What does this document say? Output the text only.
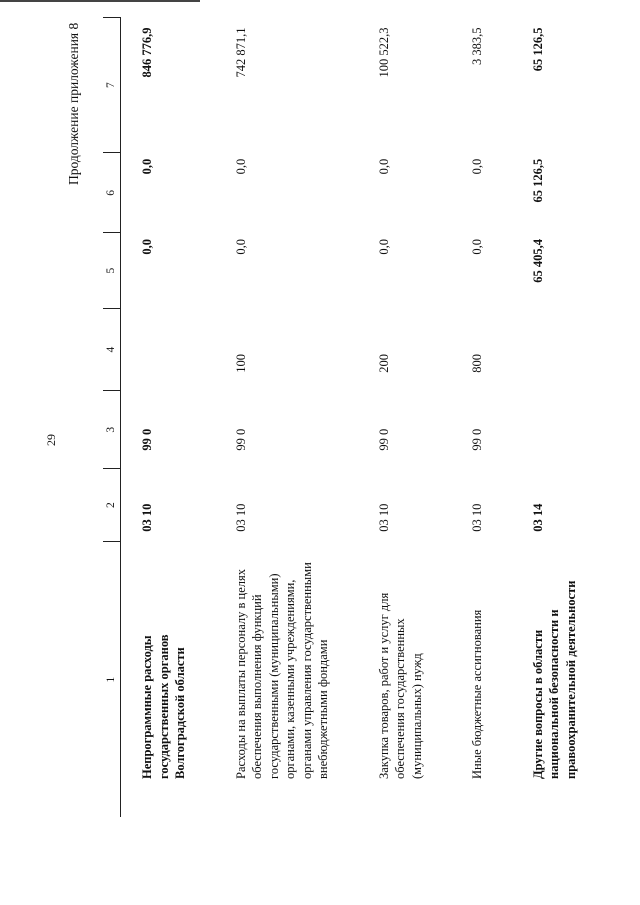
29
Продолжение приложения 8
1	2	3	4	5	6	7
Непрограммные расходы государственных органов Волгоградской области	03 10	99 0		0,0	0,0	846 776,9
Расходы на выплаты персоналу в целях обеспечения выполнения функций государственными (муниципальными) органами, казенными учреждениями, органами управления государственными внебюджетными фондами	03 10	99 0	100	0,0	0,0	742 871,1
Закупка товаров, работ и услуг для обеспечения государственных (муниципальных) нужд	03 10	99 0	200	0,0	0,0	100 522,3
Иные бюджетные ассигнования	03 10	99 0	800	0,0	0,0	3 383,5
Другие вопросы в области национальной безопасности и правоохранительной деятельности	03 14			65 405,4	65 126,5	65 126,5
